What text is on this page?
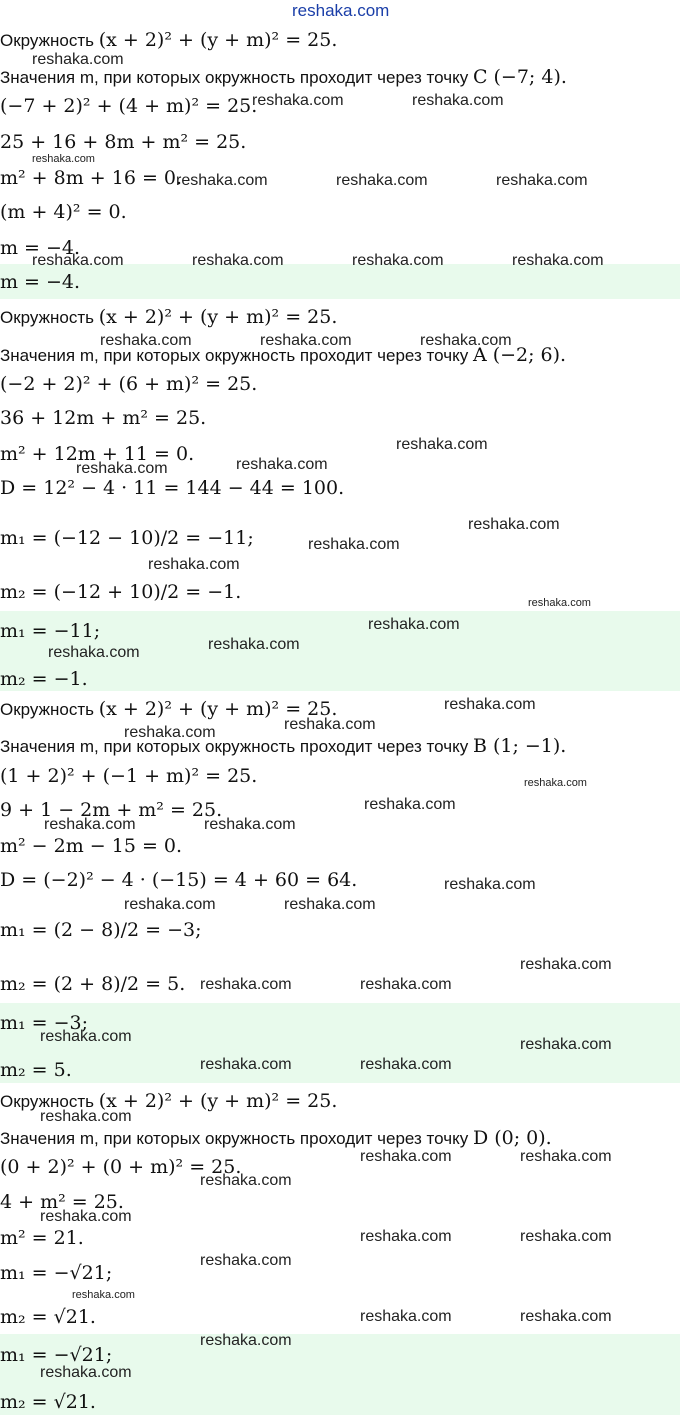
reshaka.com
reshaka.com
reshaka.com	reshaka.com
reshaka.com
reshaka.com	reshaka.com	reshaka.com
reshaka.com	reshaka.com	reshaka.com	reshaka.com
reshaka.com	reshaka.com	reshaka.com
reshaka.com
reshaka.com	reshaka.com
reshaka.com
reshaka.com
reshaka.com
reshaka.com
reshaka.com
reshaka.com
reshaka.com
reshaka.com
reshaka.com
reshaka.com
reshaka.com
reshaka.com
reshaka.com	reshaka.com
reshaka.com
reshaka.com	reshaka.com
reshaka.com
reshaka.com	reshaka.com
reshaka.com	reshaka.com
reshaka.com	reshaka.com
reshaka.com
reshaka.com	reshaka.com
reshaka.com
reshaka.com
reshaka.com	reshaka.com
reshaka.com
reshaka.com
reshaka.com	reshaka.com
reshaka.com
reshaka.com
Окружность (x + 2)² + (y + m)² = 25.
Значения m, при которых окружность проходит через точку C (−7; 4).
(−7 + 2)² + (4 + m)² = 25.
25 + 16 + 8m + m² = 25.
m² + 8m + 16 = 0.
(m + 4)² = 0.
m = −4.
m = −4.
Окружность (x + 2)² + (y + m)² = 25.
Значения m, при которых окружность проходит через точку A (−2; 6).
(−2 + 2)² + (6 + m)² = 25.
36 + 12m + m² = 25.
m² + 12m + 11 = 0.
D = 12² − 4 · 11 = 144 − 44 = 100.
m₁ = (−12 − 10)/2 = −11;
m₂ = (−12 + 10)/2 = −1.
m₁ = −11;
m₂ = −1.
Окружность (x + 2)² + (y + m)² = 25.
Значения m, при которых окружность проходит через точку B (1; −1).
(1 + 2)² + (−1 + m)² = 25.
9 + 1 − 2m + m² = 25.
m² − 2m − 15 = 0.
D = (−2)² − 4 · (−15) = 4 + 60 = 64.
m₁ = (2 − 8)/2 = −3;
m₂ = (2 + 8)/2 = 5.
m₁ = −3;
m₂ = 5.
Окружность (x + 2)² + (y + m)² = 25.
Значения m, при которых окружность проходит через точку D (0; 0).
(0 + 2)² + (0 + m)² = 25.
4 + m² = 25.
m² = 21.
m₁ = −√21;
m₂ = √21.
m₁ = −√21;
m₂ = √21.
